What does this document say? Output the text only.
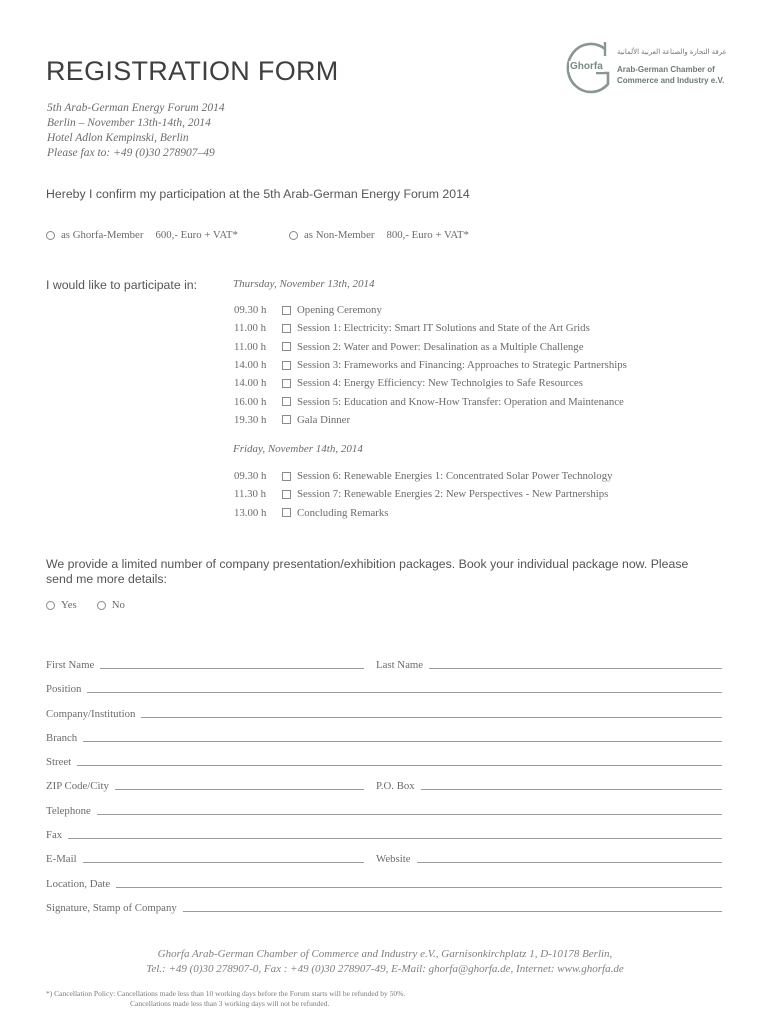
REGISTRATION FORM
5th Arab-German Energy Forum 2014
Berlin – November 13th-14th, 2014
Hotel Adlon Kempinski, Berlin
Please fax to: +49 (0)30 278907–49
Ghorfa
غرفة التجارة والصناعة العربية الألمانية
Arab-German Chamber of
Commerce and Industry e.V.
Hereby I confirm my participation at the 5th Arab-German Energy Forum 2014
as Ghorfa-Member 600,- Euro + VAT*	as Non-Member 800,- Euro + VAT*
I would like to participate in:	Thursday, November 13th, 2014
09.30 h	Opening Ceremony
11.00 h	Session 1: Electricity: Smart IT Solutions and State of the Art Grids
11.00 h	Session 2: Water and Power: Desalination as a Multiple Challenge
14.00 h	Session 3: Frameworks and Financing: Approaches to Strategic Partnerships
14.00 h	Session 4: Energy Efficiency: New Technolgies to Safe Resources
16.00 h	Session 5: Education and Know-How Transfer: Operation and Maintenance
19.30 h	Gala Dinner
Friday, November 14th, 2014
09.30 h	Session 6: Renewable Energies 1: Concentrated Solar Power Technology
11.30 h	Session 7: Renewable Energies 2: New Perspectives - New Partnerships
13.00 h	Concluding Remarks
We provide a limited number of company presentation/exhibition packages. Book your individual package now. Please send me more details:
Yes	No
First Name	Last Name
Position
Company/Institution
Branch
Street
ZIP Code/City	P.O. Box
Telephone
Fax
E-Mail	Website
Location, Date
Signature, Stamp of Company
Ghorfa Arab-German Chamber of Commerce and Industry e.V., Garnisonkirchplatz 1, D-10178 Berlin,
Tel.: +49 (0)30 278907-0, Fax : +49 (0)30 278907-49, E-Mail: ghorfa@ghorfa.de, Internet: www.ghorfa.de
*) Cancellation Policy: Cancellations made less than 10 working days before the Forum starts will be refunded by 50%.
Cancellations made less than 3 working days will not be refunded.
